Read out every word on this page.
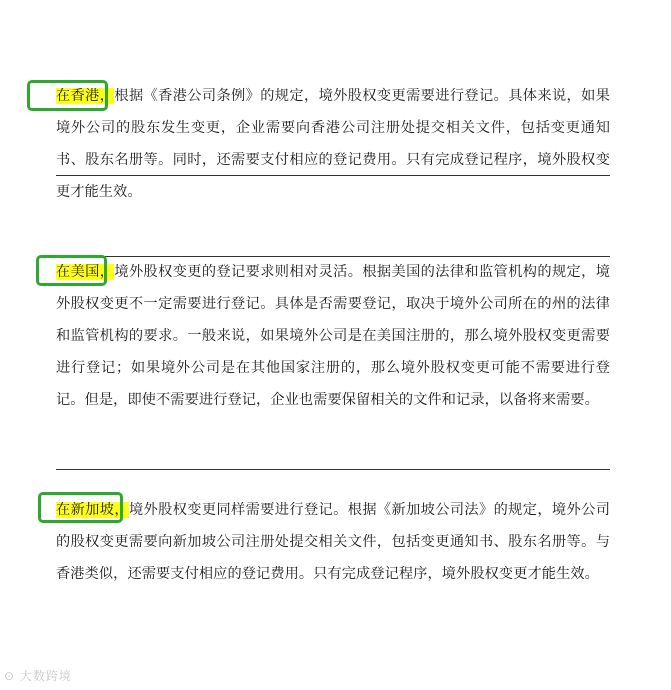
在香港，根据《香港公司条例》的规定，境外股权变更需要进行登记。具体来说，如果境外公司的股东发生变更，企业需要向香港公司注册处提交相关文件，包括变更通知书、股东名册等。同时，还需要支付相应的登记费用。只有完成登记程序，境外股权变更才能生效。

在美国，境外股权变更的登记要求则相对灵活。根据美国的法律和监管机构的规定，境外股权变更不一定需要进行登记。具体是否需要登记，取决于境外公司所在的州的法律和监管机构的要求。一般来说，如果境外公司是在美国注册的，那么境外股权变更需要进行登记；如果境外公司是在其他国家注册的，那么境外股权变更可能不需要进行登记。但是，即使不需要进行登记，企业也需要保留相关的文件和记录，以备将来需要。

在新加坡，境外股权变更同样需要进行登记。根据《新加坡公司法》的规定，境外公司的股权变更需要向新加坡公司注册处提交相关文件，包括变更通知书、股东名册等。与香港类似，还需要支付相应的登记费用。只有完成登记程序，境外股权变更才能生效。

⊙ 大数跨境
